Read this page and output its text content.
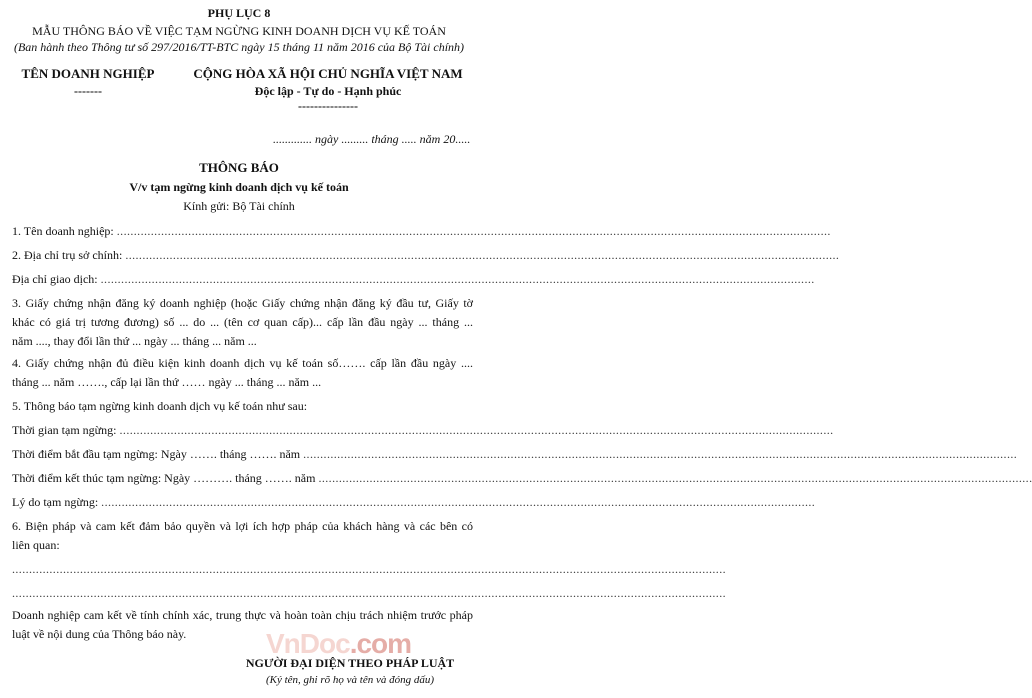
PHỤ LỤC 8
MẪU THÔNG BÁO VỀ VIỆC TẠM NGỪNG KINH DOANH DỊCH VỤ KẾ TOÁN
(Ban hành theo Thông tư số 297/2016/TT-BTC ngày 15 tháng 11 năm 2016 của Bộ Tài chính)
TÊN DOANH NGHIỆP
-------
CỘNG HÒA XÃ HỘI CHỦ NGHĨA VIỆT NAM
Độc lập - Tự do - Hạnh phúc
---------------
............. ngày ......... tháng ..... năm 20.....
THÔNG BÁO
V/v tạm ngừng kinh doanh dịch vụ kế toán
Kính gửi: Bộ Tài chính
1. Tên doanh nghiệp:
..................................................................................................................................................................................................................
2. Địa chỉ trụ sở chính:
..................................................................................................................................................................................................................
Địa chỉ giao dịch:
..................................................................................................................................................................................................................
3. Giấy chứng nhận đăng ký doanh nghiệp (hoặc Giấy chứng nhận đăng ký đầu tư, Giấy tờ
khác có giá trị tương đương) số ... do ... (tên cơ quan cấp)... cấp lần đầu ngày ... tháng ...
năm ...., thay đổi lần thứ ... ngày ... tháng ... năm ...
4. Giấy chứng nhận đủ điều kiện kinh doanh dịch vụ kế toán số……. cấp lần đầu ngày ....
tháng ... năm ……., cấp lại lần thứ …… ngày ... tháng ... năm ...
5. Thông báo tạm ngừng kinh doanh dịch vụ kế toán như sau:
Thời gian tạm ngừng:
..................................................................................................................................................................................................................
Thời điểm bắt đầu tạm ngừng: Ngày ……. tháng ……. năm
..................................................................................................................................................................................................................
Thời điểm kết thúc tạm ngừng: Ngày ………. tháng ……. năm
..................................................................................................................................................................................................................
Lý do tạm ngừng:
..................................................................................................................................................................................................................
6. Biện pháp và cam kết đảm bảo quyền và lợi ích hợp pháp của khách hàng và các bên có
liên quan:
..................................................................................................................................................................................................................
..................................................................................................................................................................................................................
Doanh nghiệp cam kết về tính chính xác, trung thực và hoàn toàn chịu trách nhiệm trước pháp
luật về nội dung của Thông báo này.	VnDoc.com
NGƯỜI ĐẠI DIỆN THEO PHÁP LUẬT
(Ký tên, ghi rõ họ và tên và đóng dấu)
